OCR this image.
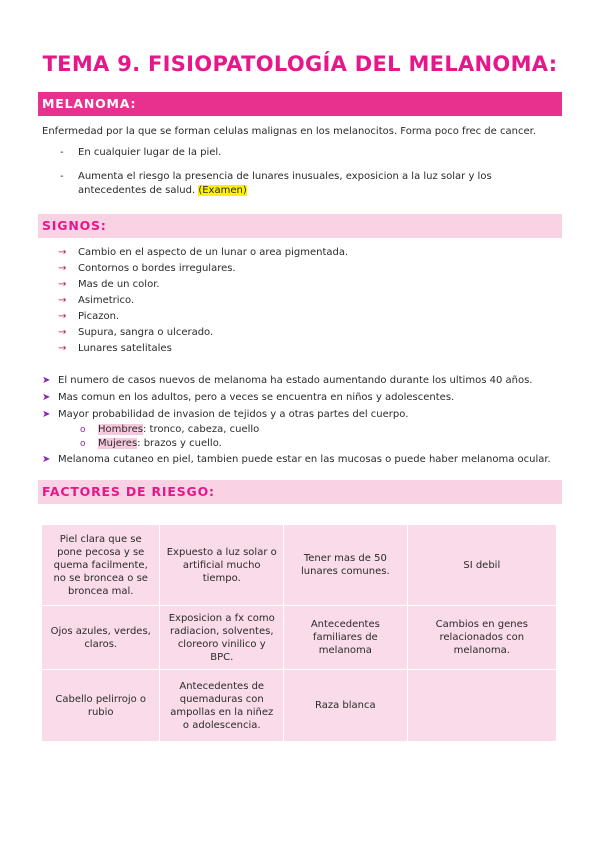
TEMA 9. FISIOPATOLOGÍA DEL MELANOMA:
MELANOMA:
Enfermedad por la que se forman celulas malignas en los melanocitos. Forma poco frec de cancer.
- En cualquier lugar de la piel.
- Aumenta el riesgo la presencia de lunares inusuales, exposicion a la luz solar y los antecedentes de salud. (Examen)
SIGNOS:
→ Cambio en el aspecto de un lunar o area pigmentada.
→ Contornos o bordes irregulares.
→ Mas de un color.
→ Asimetrico.
→ Picazon.
→ Supura, sangra o ulcerado.
→ Lunares satelitales
➤ El numero de casos nuevos de melanoma ha estado aumentando durante los ultimos 40 años.
➤ Mas comun en los adultos, pero a veces se encuentra en niños y adolescentes.
➤ Mayor probabilidad de invasion de tejidos y a otras partes del cuerpo.
o Hombres: tronco, cabeza, cuello
o Mujeres: brazos y cuello.
➤ Melanoma cutaneo en piel, tambien puede estar en las mucosas o puede haber melanoma ocular.
FACTORES DE RIESGO:
Piel clara que se pone pecosa y se quema facilmente, no se broncea o se broncea mal.	Expuesto a luz solar o artificial mucho tiempo.	Tener mas de 50 lunares comunes.	SI debil
Ojos azules, verdes, claros.	Exposicion a fx como radiacion, solventes, cloreoro vinilico y BPC.	Antecedentes familiares de melanoma	Cambios en genes relacionados con melanoma.
Cabello pelirrojo o rubio	Antecedentes de quemaduras con ampollas en la niñez o adolescencia.	Raza blanca	
